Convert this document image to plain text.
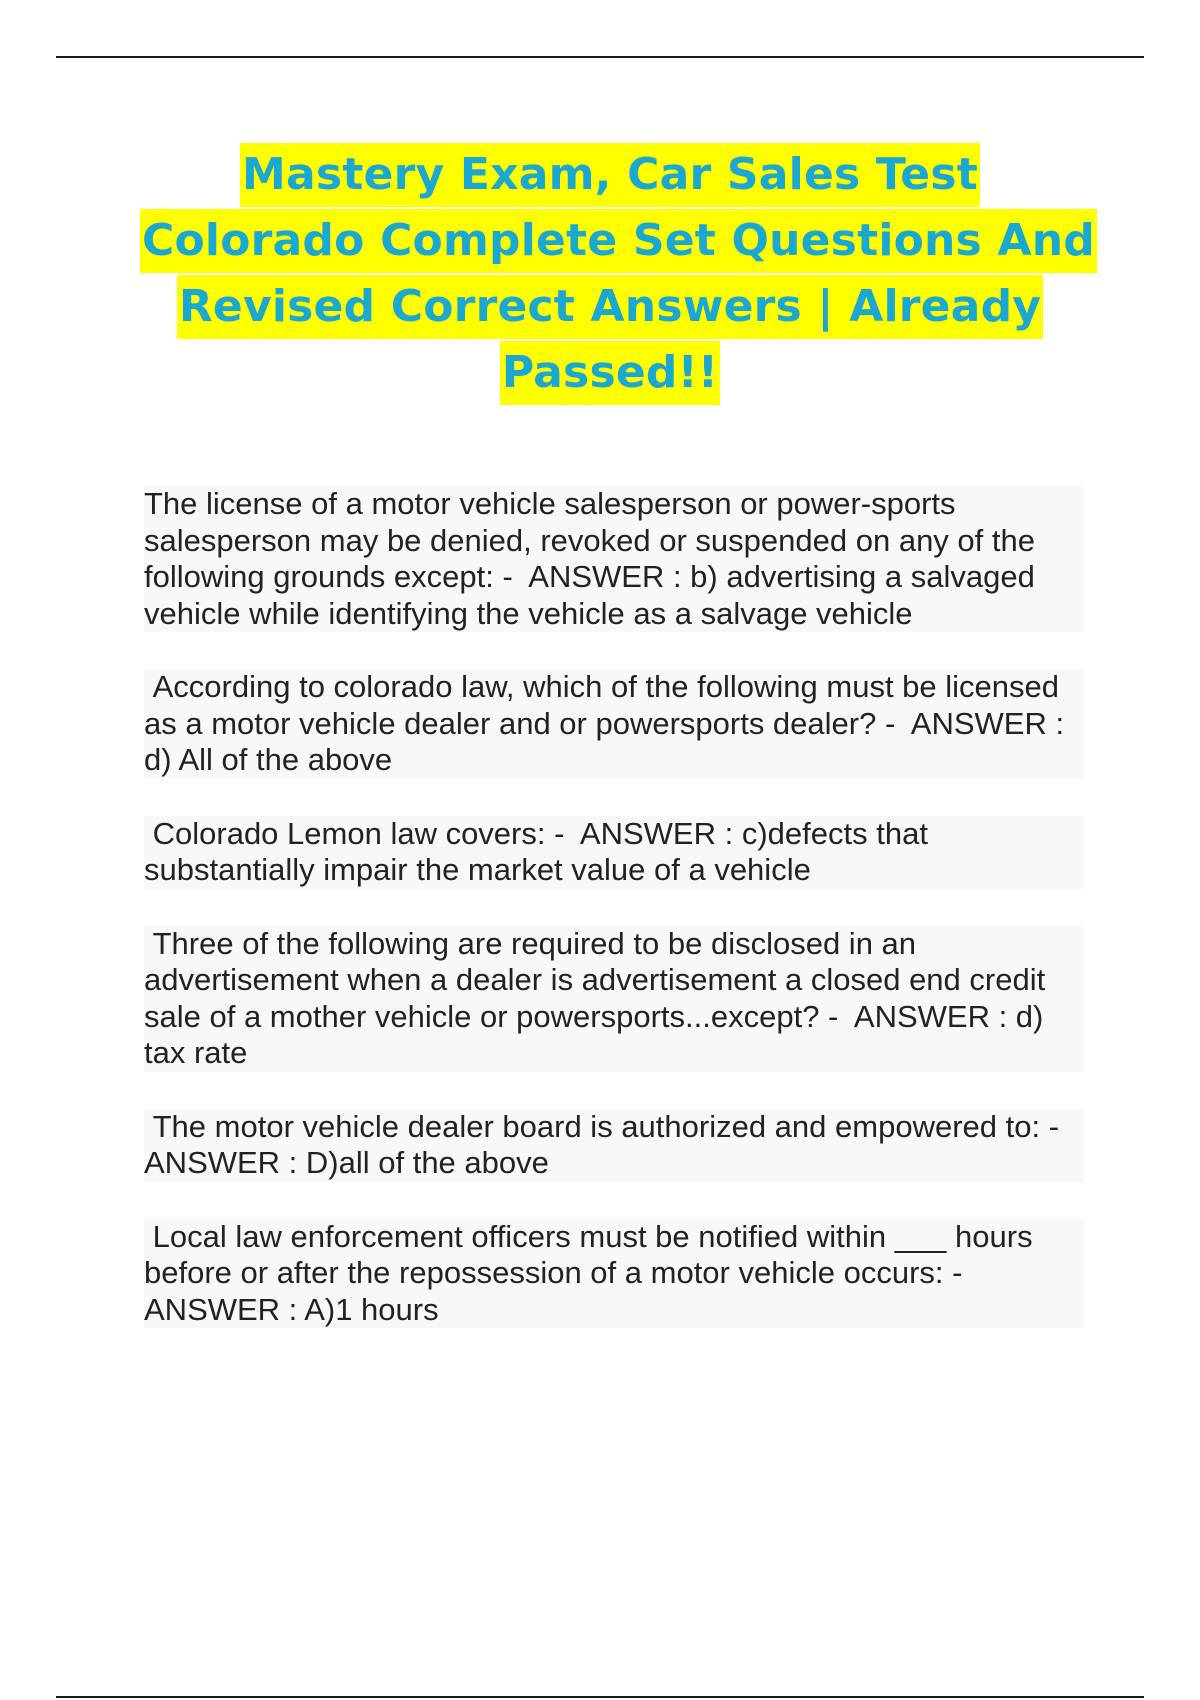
Mastery Exam, Car Sales Test
Colorado Complete Set Questions And
Revised Correct Answers | Already
Passed!!

The license of a motor vehicle salesperson or power-sports salesperson may be denied, revoked or suspended on any of the following grounds except: -  ANSWER : b) advertising a salvaged vehicle while identifying the vehicle as a salvage vehicle

According to colorado law, which of the following must be licensed as a motor vehicle dealer and or powersports dealer? -  ANSWER : d) All of the above

Colorado Lemon law covers: -  ANSWER : c)defects that substantially impair the market value of a vehicle

Three of the following are required to be disclosed in an advertisement when a dealer is advertisement a closed end credit sale of a mother vehicle or powersports...except? -  ANSWER : d) tax rate

The motor vehicle dealer board is authorized and empowered to: -  ANSWER : D)all of the above

Local law enforcement officers must be notified within ___ hours before or after the repossession of a motor vehicle occurs: -  ANSWER : A)1 hours
